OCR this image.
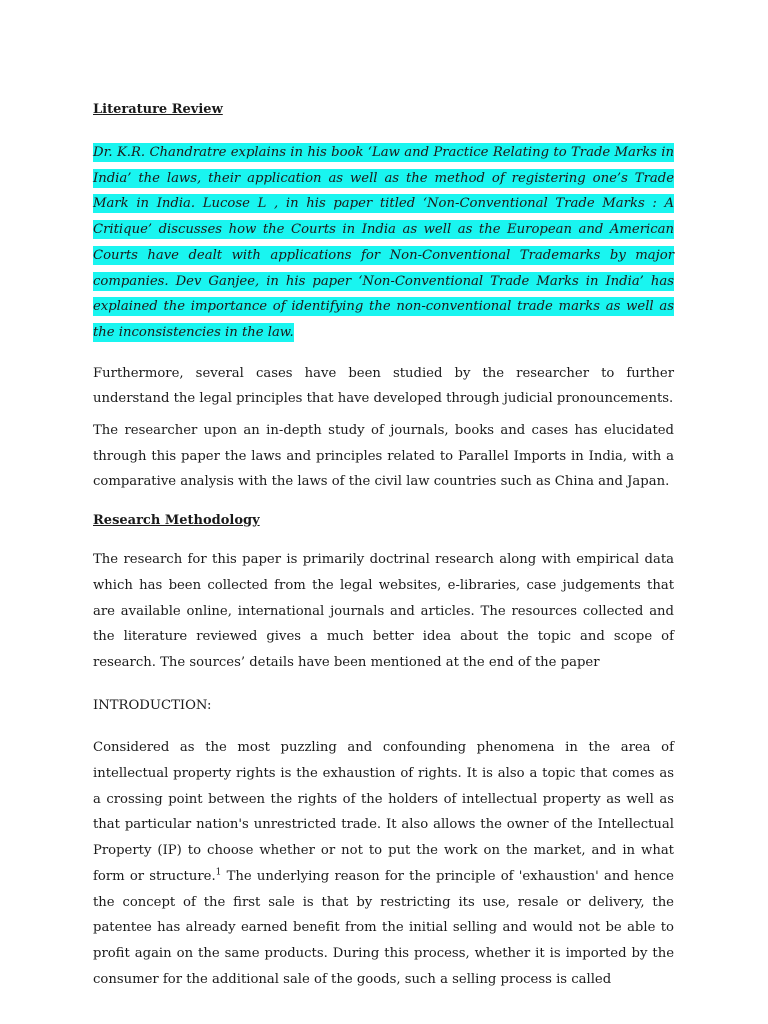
Literature Review
Dr. K.R. Chandratre explains in his book ‘Law and Practice Relating to Trade Marks in India’ the laws, their application as well as the method of registering one’s Trade Mark in India. Lucose L , in his paper titled ‘Non-Conventional Trade Marks : A Critique’ discusses how the Courts in India as well as the European and American Courts have dealt with applications for Non-Conventional Trademarks by major companies. Dev Ganjee, in his paper ‘Non-Conventional Trade Marks in India’ has explained the importance of identifying the non-conventional trade marks as well as the inconsistencies in the law.

Furthermore, several cases have been studied by the researcher to further understand the legal principles that have developed through judicial pronouncements.

The researcher upon an in-depth study of journals, books and cases has elucidated through this paper the laws and principles related to Parallel Imports in India, with a comparative analysis with the laws of the civil law countries such as China and Japan.

Research Methodology

The research for this paper is primarily doctrinal research along with empirical data which has been collected from the legal websites, e-libraries, case judgements that are available online, international journals and articles. The resources collected and the literature reviewed gives a much better idea about the topic and scope of research. The sources’ details have been mentioned at the end of the paper

INTRODUCTION:

Considered as the most puzzling and confounding phenomena in the area of intellectual property rights is the exhaustion of rights. It is also a topic that comes as a crossing point between the rights of the holders of intellectual property as well as that particular nation's unrestricted trade. It also allows the owner of the Intellectual Property (IP) to choose whether or not to put the work on the market, and in what form or structure.$^1$ The underlying reason for the principle of 'exhaustion' and hence the concept of the first sale is that by restricting its use, resale or delivery, the patentee has already earned benefit from the initial selling and would not be able to profit again on the same products. During this process, whether it is imported by the consumer for the additional sale of the goods, such a selling process is called
